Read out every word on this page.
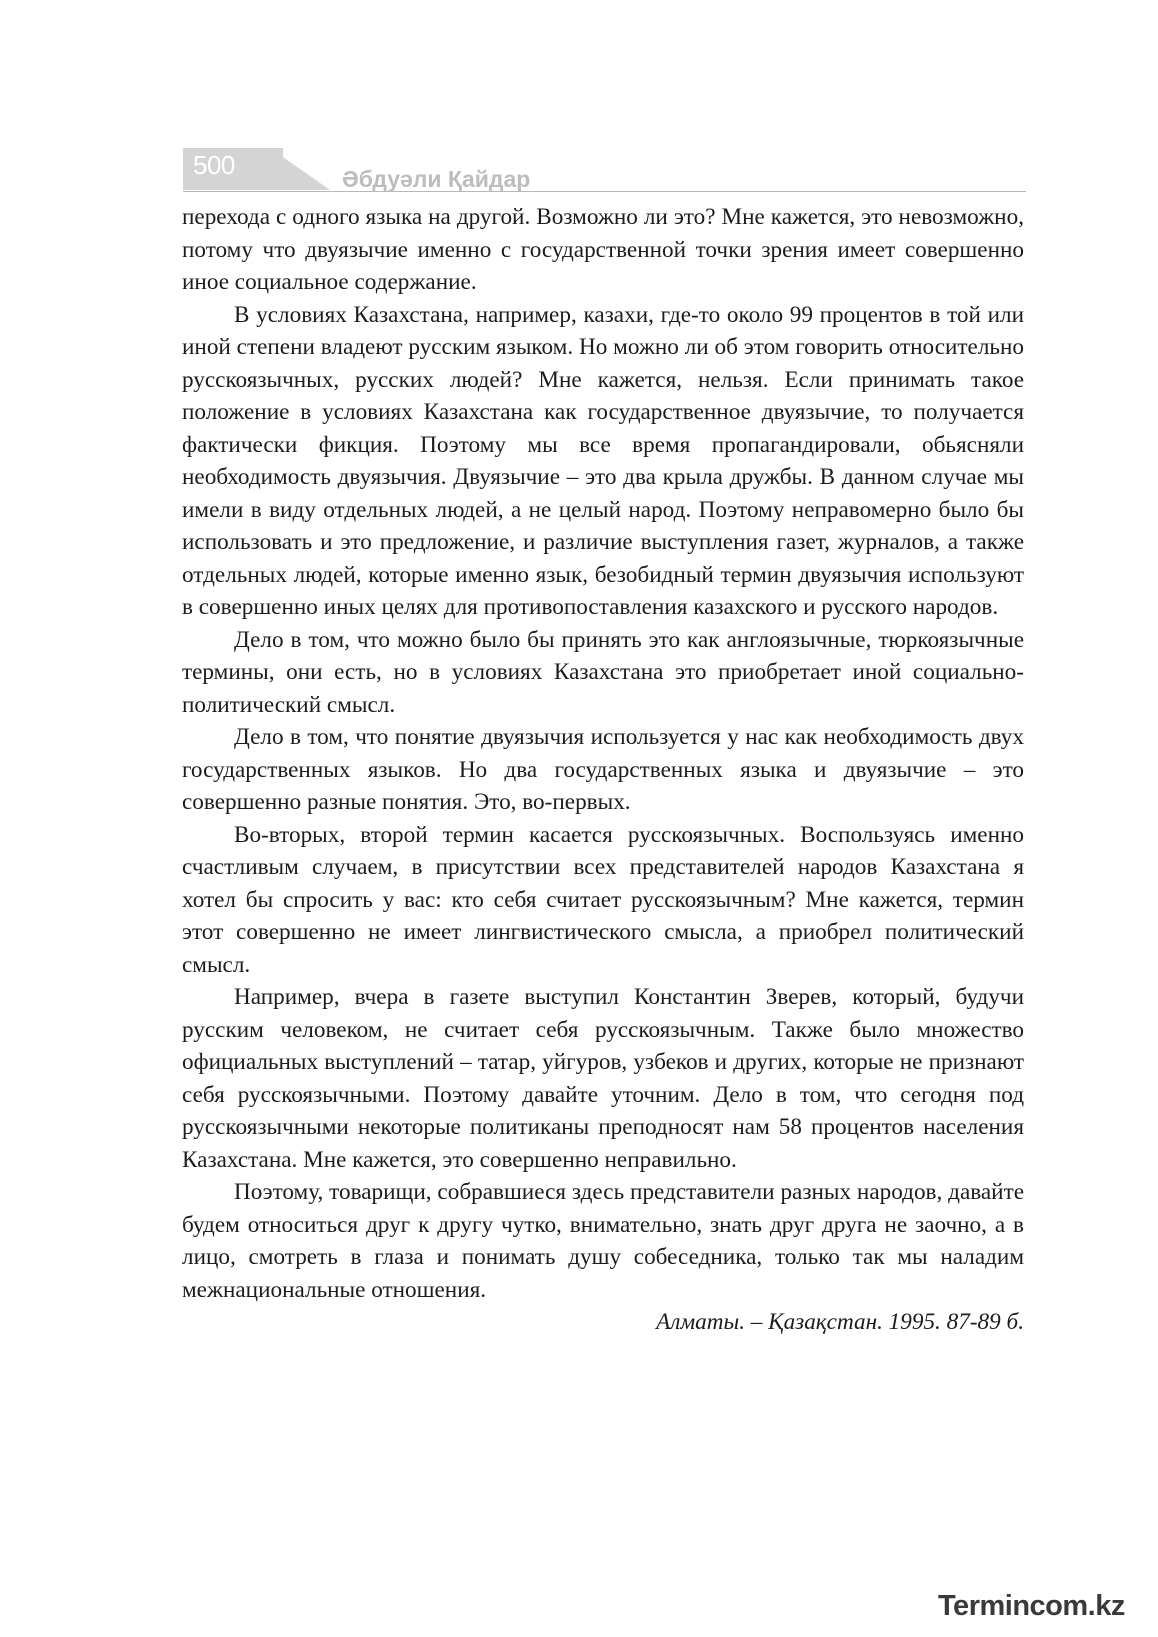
500	Әбдуәли Қайдар

перехода с одного языка на другой. Возможно ли это? Мне кажется, это невозможно, потому что двуязычие именно с государственной точки зрения имеет совершенно иное социальное содержание.

В условиях Казахстана, например, казахи, где-то около 99 процентов в той или иной степени владеют русским языком. Но можно ли об этом говорить относительно русскоязычных, русских людей? Мне кажется, нельзя. Если принимать такое положение в условиях Казахстана как государственное двуязычие, то получается фактически фикция. Поэтому мы все время пропагандировали, обьясняли необходимость двуязычия. Двуязычие – это два крыла дружбы. В данном случае мы имели в виду отдельных людей, а не целый народ. Поэтому неправомерно было бы использовать и это предложение, и различие выступления газет, журналов, а также отдельных людей, которые именно язык, безобидный термин двуязычия используют в совершенно иных целях для противопоставления казахского и русского народов.

Дело в том, что можно было бы принять это как англоязычные, тюркоязычные термины, они есть, но в условиях Казахстана это приобретает иной социально-политический смысл.

Дело в том, что понятие двуязычия используется у нас как необходимость двух государственных языков. Но два государственных языка и двуязычие – это совершенно разные понятия. Это, во-первых.

Во-вторых, второй термин касается русскоязычных. Воспользуясь именно счастливым случаем, в присутствии всех представителей народов Казахстана я хотел бы спросить у вас: кто себя считает русскоязычным? Мне кажется, термин этот совершенно не имеет лингвистического смысла, а приобрел политический смысл.

Например, вчера в газете выступил Константин Зверев, который, будучи русским человеком, не считает себя русскоязычным. Также было множество официальных выступлений – татар, уйгуров, узбеков и других, которые не признают себя русскоязычными. Поэтому давайте уточним. Дело в том, что сегодня под русскоязычными некоторые политиканы преподносят нам 58 процентов населения Казахстана. Мне кажется, это совершенно неправильно.

Поэтому, товарищи, собравшиеся здесь представители разных народов, давайте будем относиться друг к другу чутко, внимательно, знать друг друга не заочно, а в лицо, смотреть в глаза и понимать душу собеседника, только так мы наладим межнациональные отношения.

Алматы. – Қазақстан. 1995. 87-89 б.

Termincom.kz
